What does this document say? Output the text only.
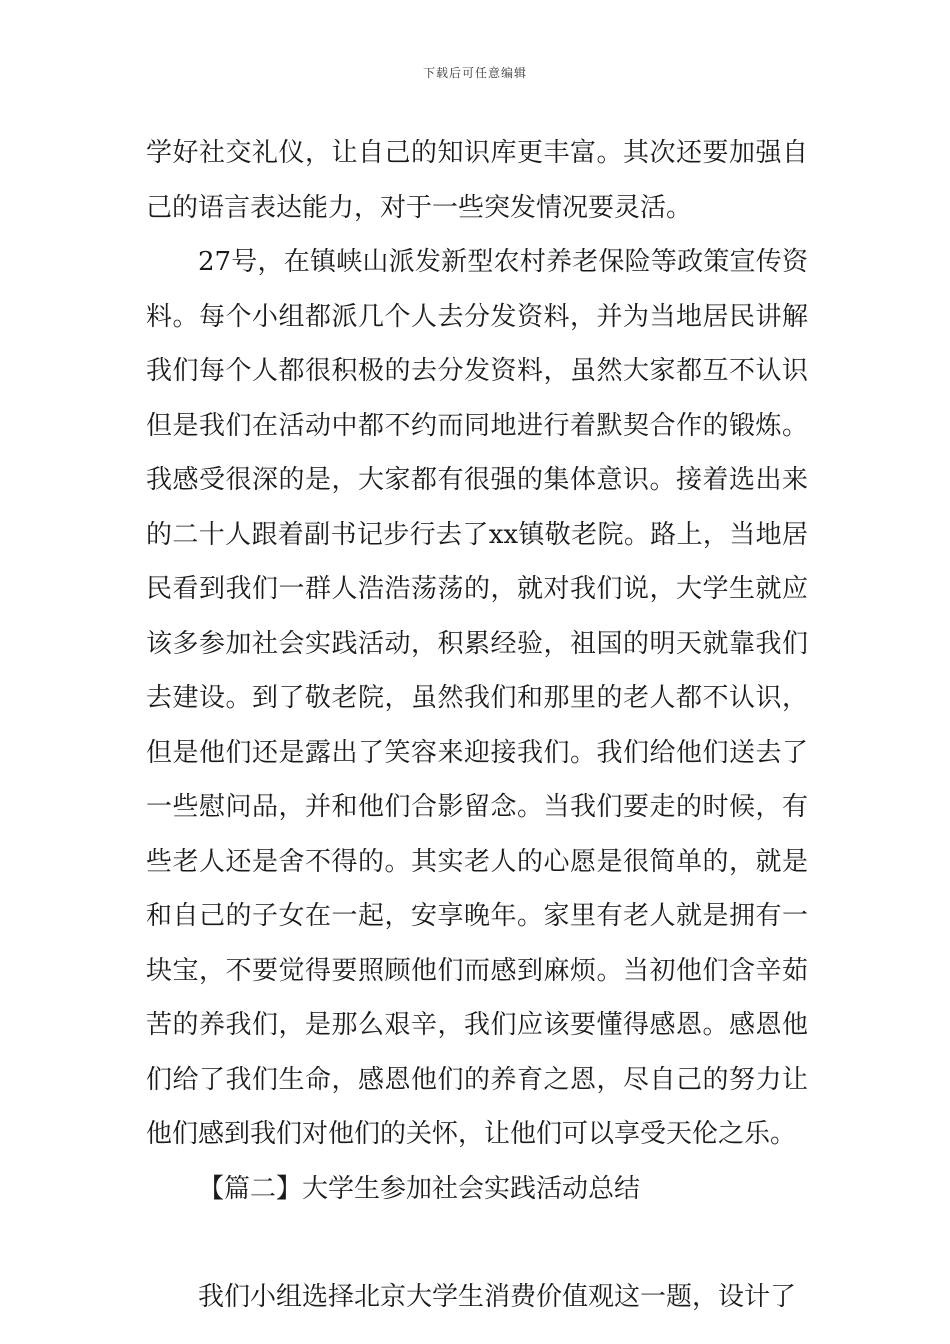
下载后可任意编辑

学好社交礼仪，让自己的知识库更丰富。其次还要加强自己的语言表达能力，对于一些突发情况要灵活。

27号，在镇峡山派发新型农村养老保险等政策宣传资料。每个小组都派几个人去分发资料，并为当地居民讲解我们每个人都很积极的去分发资料，虽然大家都互不认识但是我们在活动中都不约而同地进行着默契合作的锻炼。我感受很深的是，大家都有很强的集体意识。接着选出来的二十人跟着副书记步行去了xx镇敬老院。路上，当地居民看到我们一群人浩浩荡荡的，就对我们说，大学生就应该多参加社会实践活动，积累经验，祖国的明天就靠我们去建设。到了敬老院，虽然我们和那里的老人都不认识，但是他们还是露出了笑容来迎接我们。我们给他们送去了一些慰问品，并和他们合影留念。当我们要走的时候，有些老人还是舍不得的。其实老人的心愿是很简单的，就是和自己的子女在一起，安享晚年。家里有老人就是拥有一块宝，不要觉得要照顾他们而感到麻烦。当初他们含辛茹苦的养我们，是那么艰辛，我们应该要懂得感恩。感恩他们给了我们生命，感恩他们的养育之恩，尽自己的努力让他们感到我们对他们的关怀，让他们可以享受天伦之乐。

【篇二】大学生参加社会实践活动总结

我们小组选择北京大学生消费价值观这一题，设计了
